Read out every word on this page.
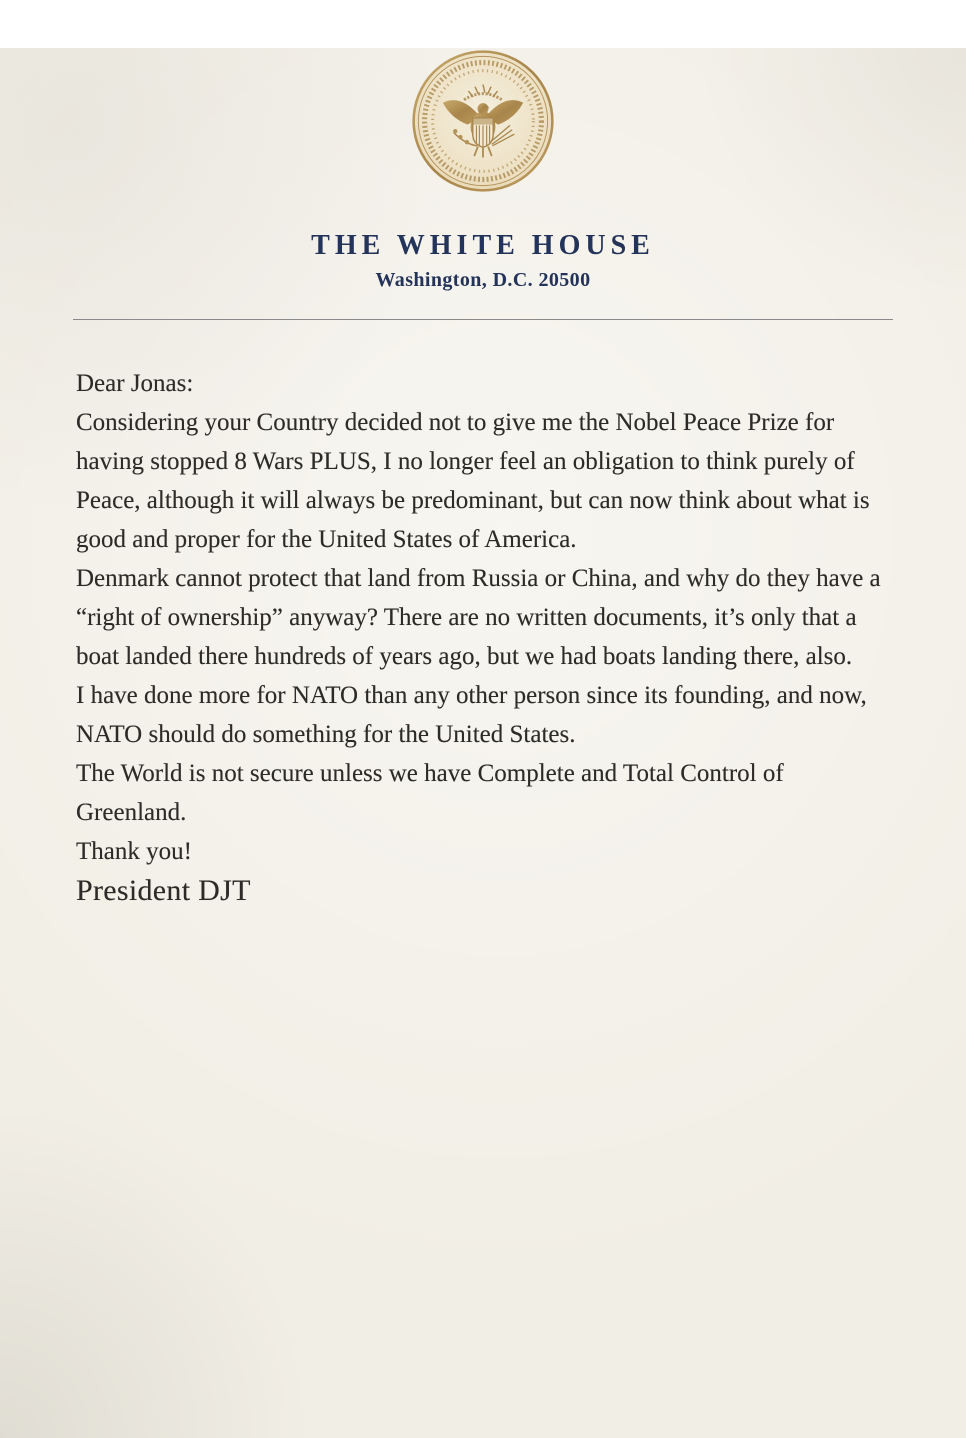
THE WHITE HOUSE
Washington, D.C. 20500

Dear Jonas:

Considering your Country decided not to give me the Nobel Peace Prize for having stopped 8 Wars PLUS, I no longer feel an obligation to think purely of Peace, although it will always be predominant, but can now think about what is good and proper for the United States of America.

Denmark cannot protect that land from Russia or China, and why do they have a “right of ownership” anyway? There are no written documents, it’s only that a boat landed there hundreds of years ago, but we had boats landing there, also.

I have done more for NATO than any other person since its founding, and now, NATO should do something for the United States.

The World is not secure unless we have Complete and Total Control of Greenland.

Thank you!

President DJT
